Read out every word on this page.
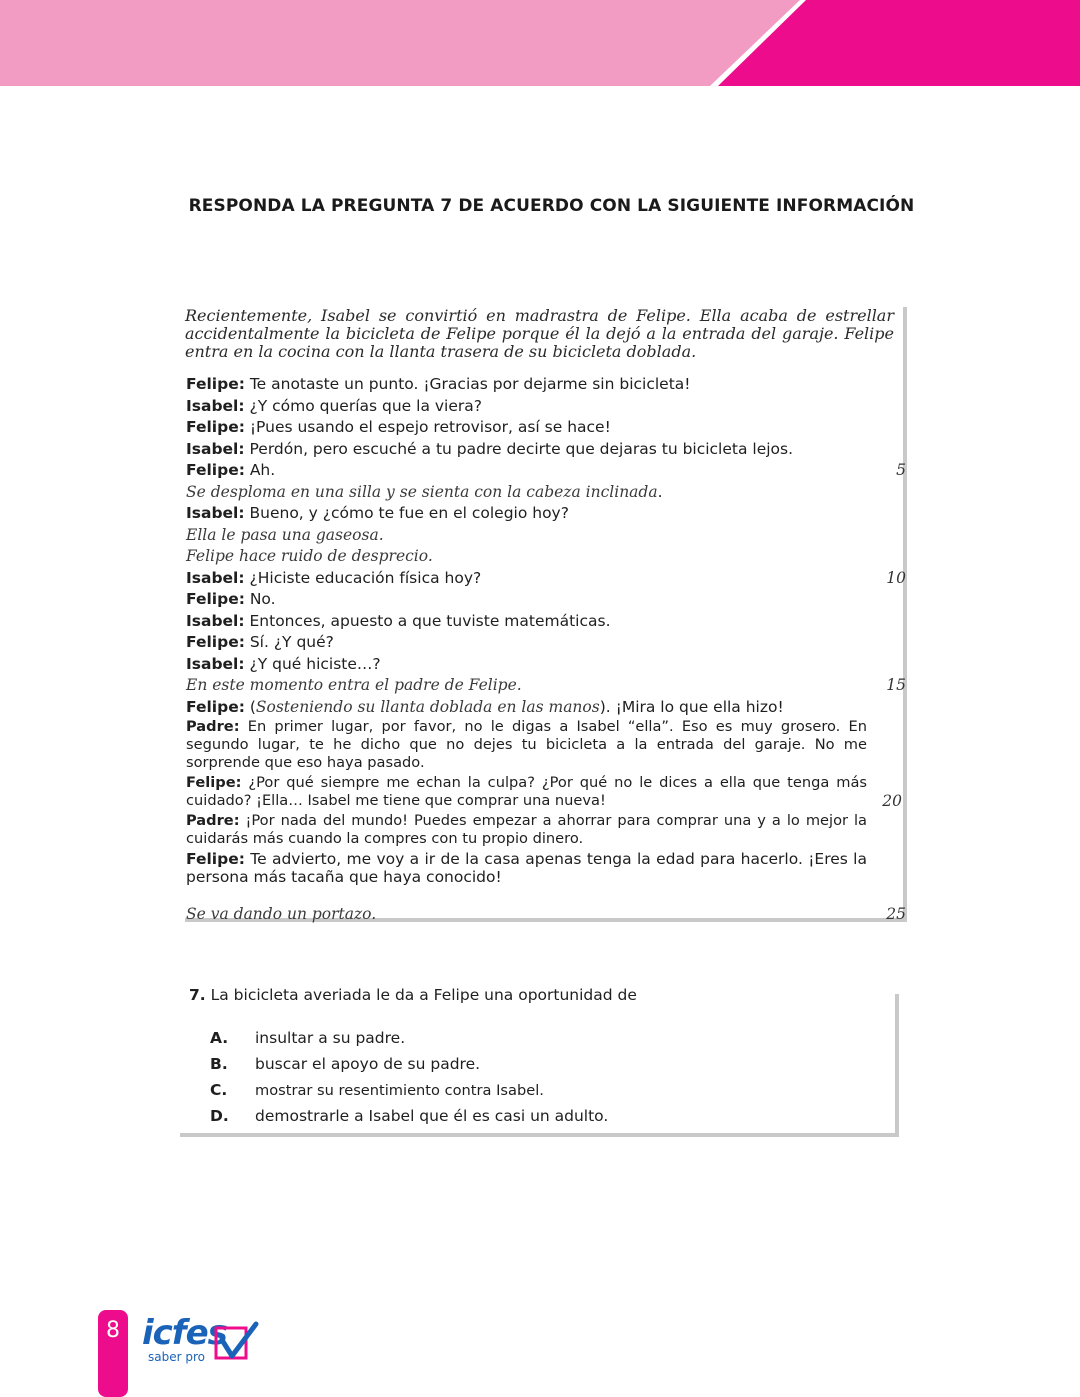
RESPONDA LA PREGUNTA 7 DE ACUERDO CON LA SIGUIENTE INFORMACIÓN

Recientemente, Isabel se convirtió en madrastra de Felipe. Ella acaba de estrellar accidentalmente la bicicleta de Felipe porque él la dejó a la entrada del garaje. Felipe entra en la cocina con la llanta trasera de su bicicleta doblada.

Felipe: Te anotaste un punto. ¡Gracias por dejarme sin bicicleta!
Isabel: ¿Y cómo querías que la viera?
Felipe: ¡Pues usando el espejo retrovisor, así se hace!
Isabel: Perdón, pero escuché a tu padre decirte que dejaras tu bicicleta lejos.
Felipe: Ah.	5
Se desploma en una silla y se sienta con la cabeza inclinada.
Isabel: Bueno, y ¿cómo te fue en el colegio hoy?
Ella le pasa una gaseosa.
Felipe hace ruido de desprecio.
Isabel: ¿Hiciste educación física hoy?	10
Felipe: No.
Isabel: Entonces, apuesto a que tuviste matemáticas.
Felipe: Sí. ¿Y qué?
Isabel: ¿Y qué hiciste…?
En este momento entra el padre de Felipe.	15
Felipe: (Sosteniendo su llanta doblada en las manos). ¡Mira lo que ella hizo!
Padre: En primer lugar, por favor, no le digas a Isabel “ella”. Eso es muy grosero. En segundo lugar, te he dicho que no dejes tu bicicleta a la entrada del garaje. No me sorprende que eso haya pasado.
Felipe: ¿Por qué siempre me echan la culpa? ¿Por qué no le dices a ella que tenga más cuidado? ¡Ella… Isabel me tiene que comprar una nueva!	20
Padre: ¡Por nada del mundo! Puedes empezar a ahorrar para comprar una y a lo mejor la cuidarás más cuando la compres con tu propio dinero.
Felipe: Te advierto, me voy a ir de la casa apenas tenga la edad para hacerlo. ¡Eres la persona más tacaña que haya conocido!
Se va dando un portazo.	25
7. La bicicleta averiada le da a Felipe una oportunidad de
A. insultar a su padre.
B. buscar el apoyo de su padre.
C. mostrar su resentimiento contra Isabel.
D. demostrarle a Isabel que él es casi un adulto.
8 icfes
saber pro
